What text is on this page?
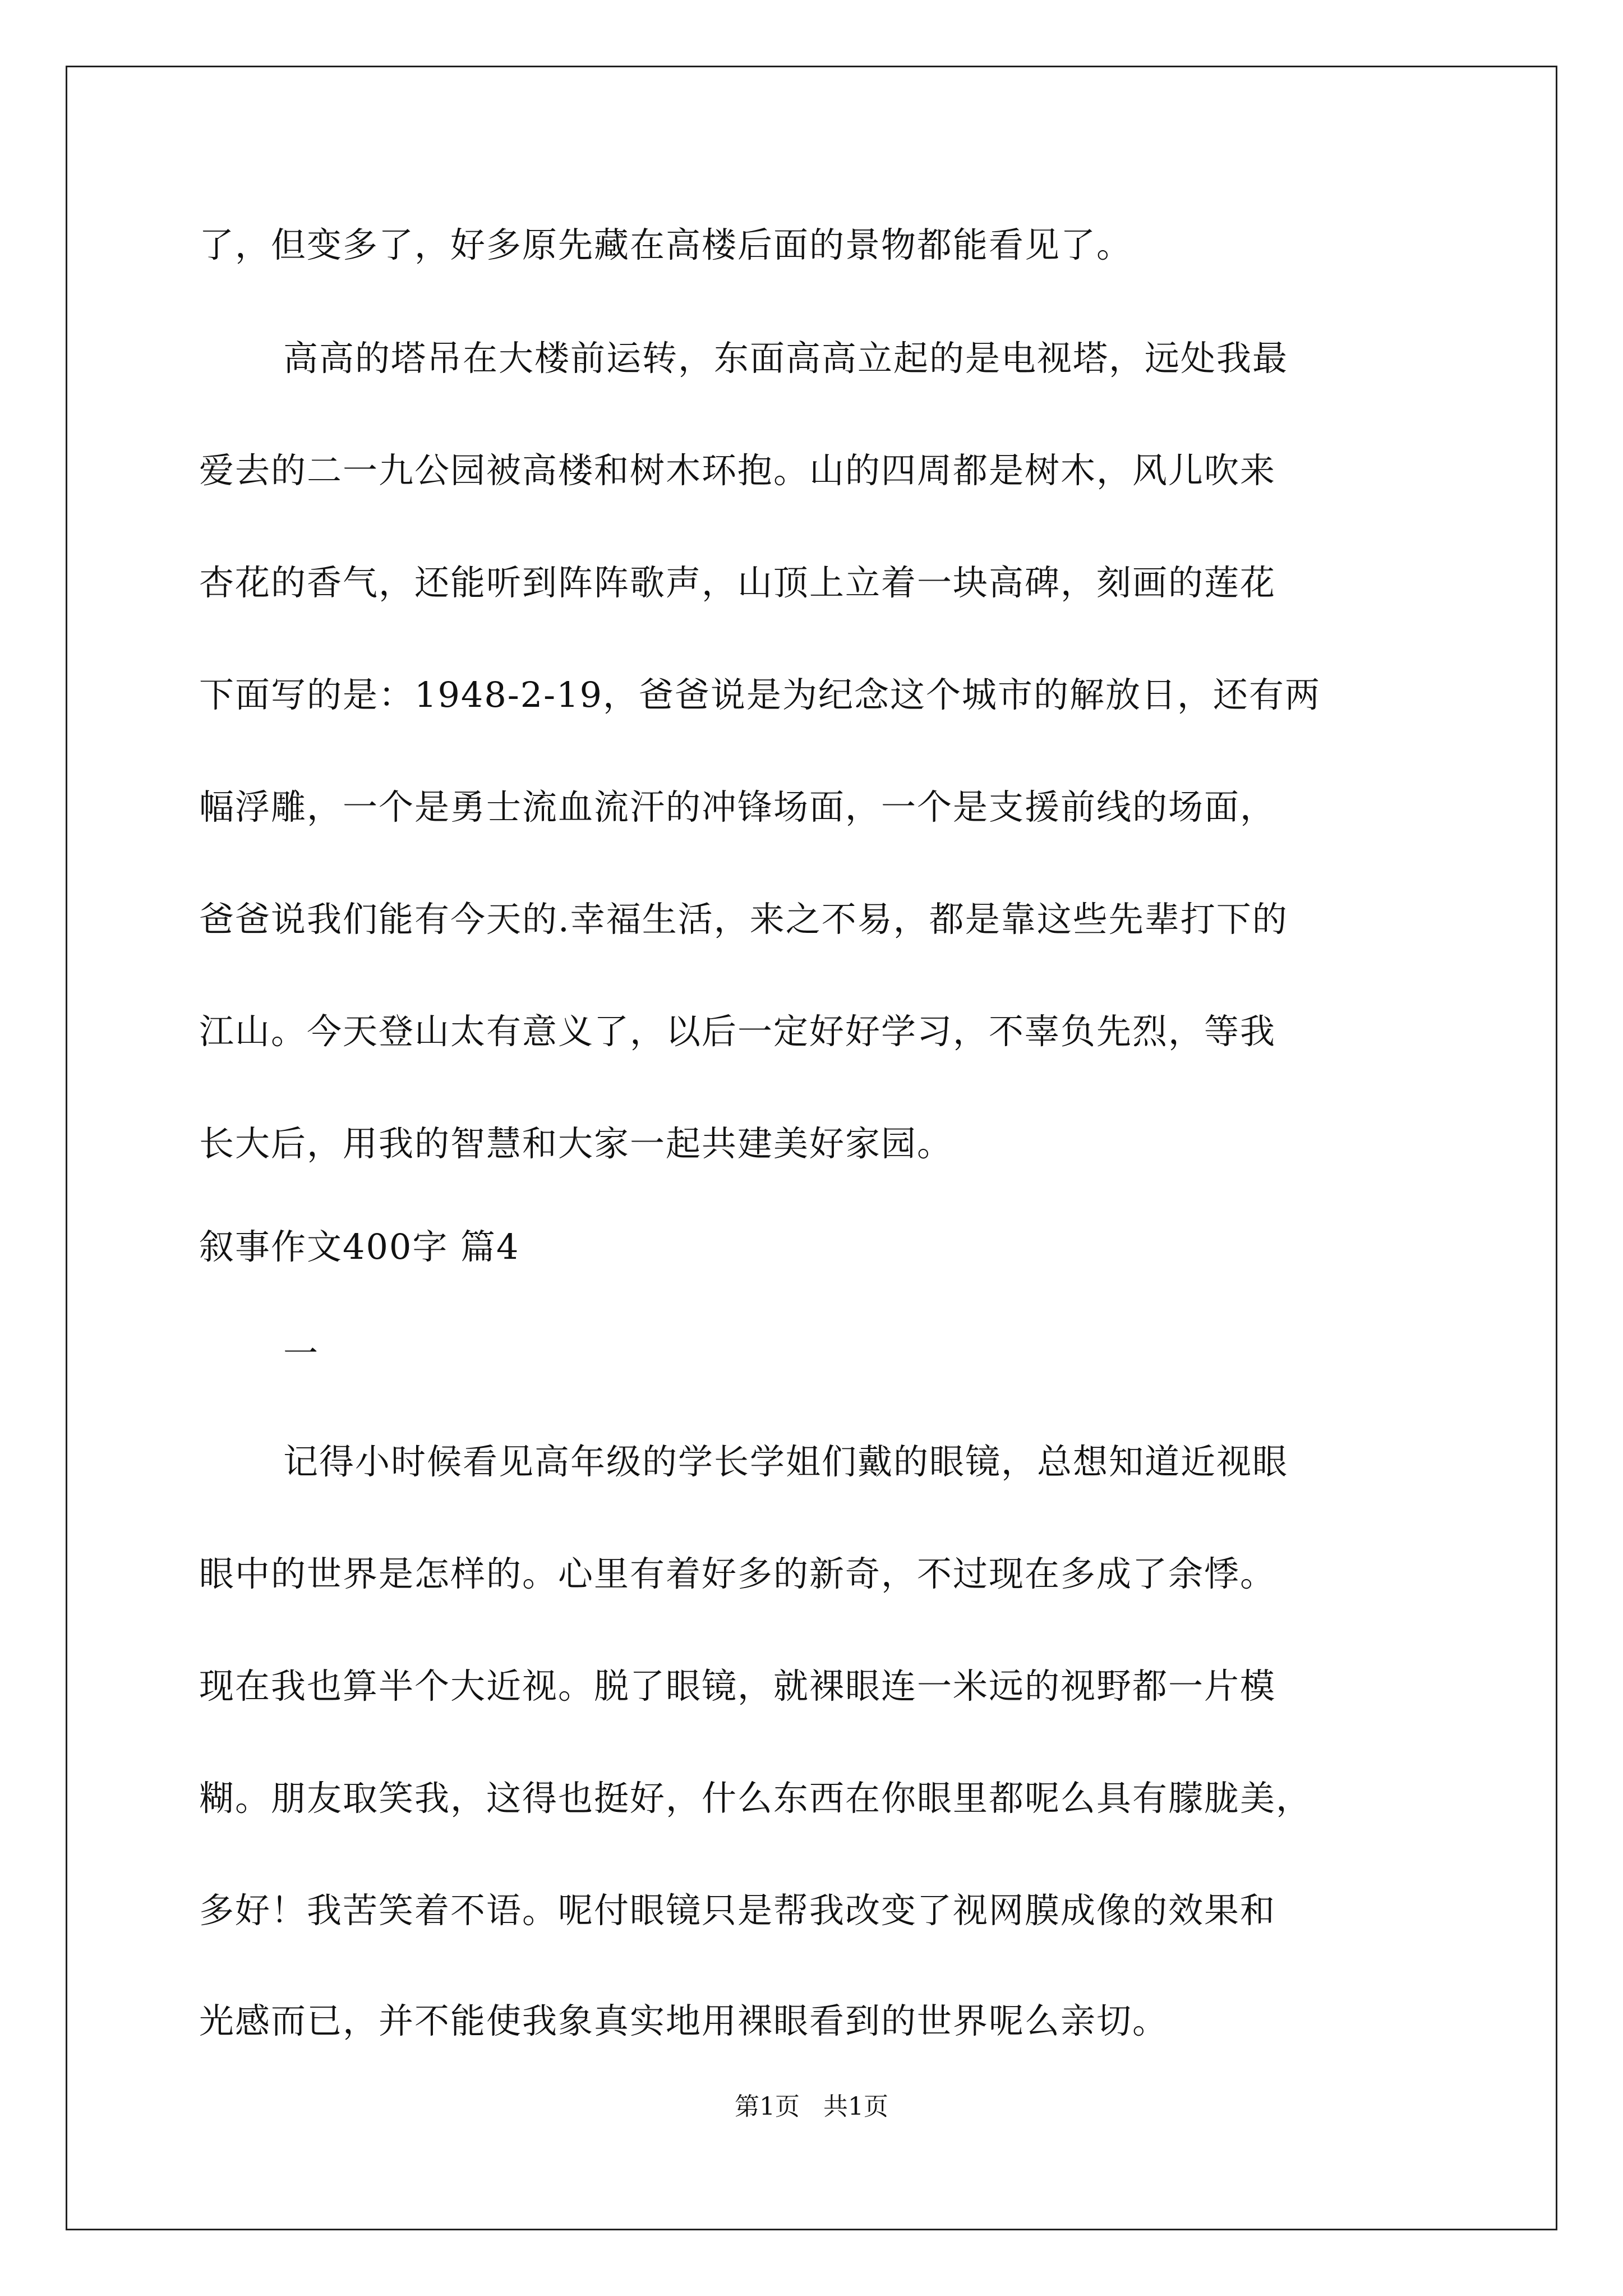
了，但变多了，好多原先藏在高楼后面的景物都能看见了。
高高的塔吊在大楼前运转，东面高高立起的是电视塔，远处我最
爱去的二一九公园被高楼和树木环抱。山的四周都是树木，风儿吹来
杏花的香气，还能听到阵阵歌声，山顶上立着一块高碑，刻画的莲花
下面写的是：1948-2-19，爸爸说是为纪念这个城市的解放日，还有两
幅浮雕，一个是勇士流血流汗的冲锋场面，一个是支援前线的场面，
爸爸说我们能有今天的.幸福生活，来之不易，都是靠这些先辈打下的
江山。今天登山太有意义了，以后一定好好学习，不辜负先烈，等我
长大后，用我的智慧和大家一起共建美好家园。
叙事作文400字 篇4
一
记得小时候看见高年级的学长学姐们戴的眼镜，总想知道近视眼
眼中的世界是怎样的。心里有着好多的新奇，不过现在多成了余悸。
现在我也算半个大近视。脱了眼镜，就裸眼连一米远的视野都一片模
糊。朋友取笑我，这得也挺好，什么东西在你眼里都呢么具有朦胧美，
多好！我苦笑着不语。呢付眼镜只是帮我改变了视网膜成像的效果和
光感而已，并不能使我象真实地用裸眼看到的世界呢么亲切。
第1页 共1页
